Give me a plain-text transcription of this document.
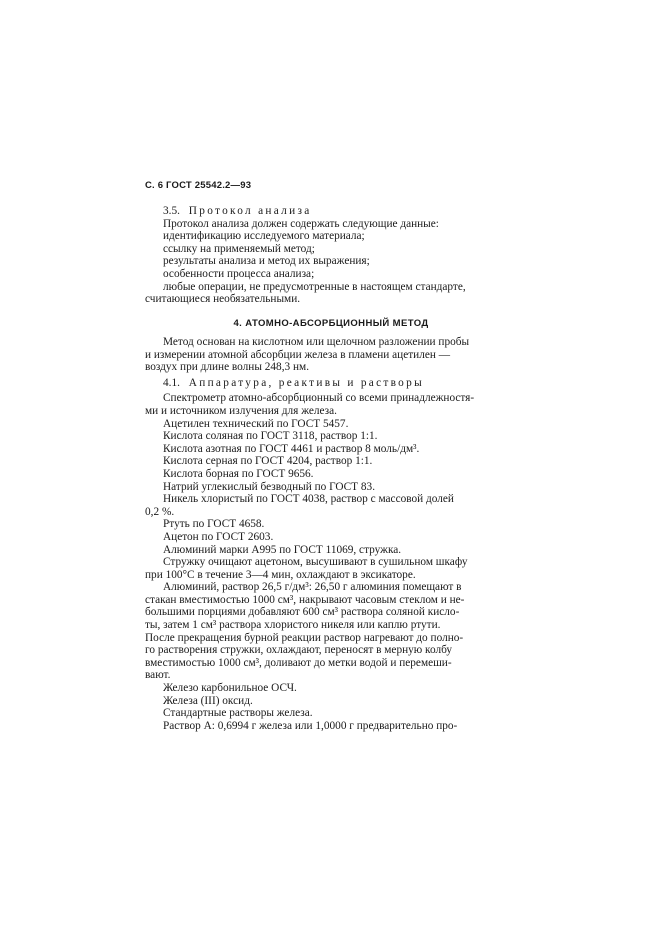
С. 6 ГОСТ 25542.2—93
3.5. Протокол анализа
Протокол анализа должен содержать следующие данные:
идентификацию исследуемого материала;
ссылку на применяемый метод;
результаты анализа и метод их выражения;
особенности процесса анализа;
любые операции, не предусмотренные в настоящем стандарте,
считающиеся необязательными.
4. АТОМНО-АБСОРБЦИОННЫЙ МЕТОД
Метод основан на кислотном или щелочном разложении пробы
и измерении атомной абсорбции железа в пламени ацетилен —
воздух при длине волны 248,3 нм.
4.1. Аппаратура, реактивы и растворы
Спектрометр атомно-абсорбционный со всеми принадлежностя-
ми и источником излучения для железа.
Ацетилен технический по ГОСТ 5457.
Кислота соляная по ГОСТ 3118, раствор 1:1.
Кислота азотная по ГОСТ 4461 и раствор 8 моль/дм³.
Кислота серная по ГОСТ 4204, раствор 1:1.
Кислота борная по ГОСТ 9656.
Натрий углекислый безводный по ГОСТ 83.
Никель хлористый по ГОСТ 4038, раствор с массовой долей
0,2 %.
Ртуть по ГОСТ 4658.
Ацетон по ГОСТ 2603.
Алюминий марки А995 по ГОСТ 11069, стружка.
Стружку очищают ацетоном, высушивают в сушильном шкафу
при 100°С в течение 3—4 мин, охлаждают в эксикаторе.
Алюминий, раствор 26,5 г/дм³: 26,50 г алюминия помещают в
стакан вместимостью 1000 см³, накрывают часовым стеклом и не-
большими порциями добавляют 600 см³ раствора соляной кисло-
ты, затем 1 см³ раствора хлористого никеля или каплю ртути.
После прекращения бурной реакции раствор нагревают до полно-
го растворения стружки, охлаждают, переносят в мерную колбу
вместимостью 1000 см³, доливают до метки водой и перемеши-
вают.
Железо карбонильное ОСЧ.
Железа (III) оксид.
Стандартные растворы железа.
Раствор А: 0,6994 г железа или 1,0000 г предварительно про-
